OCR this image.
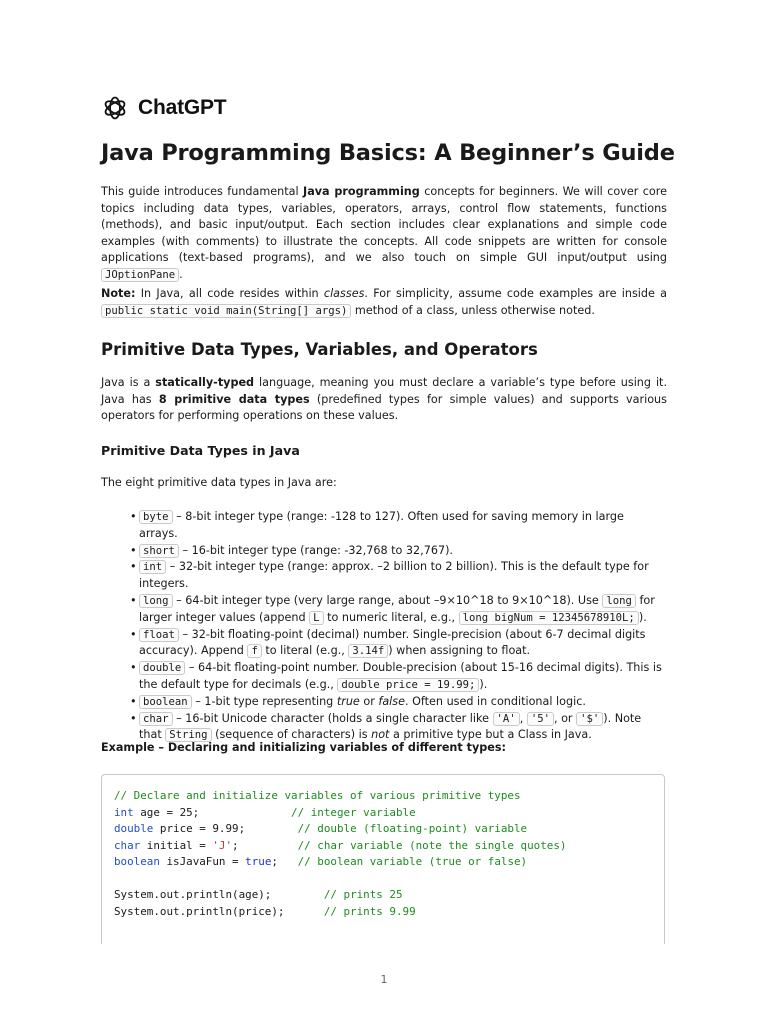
ChatGPT
Java Programming Basics: A Beginner’s Guide

This guide introduces fundamental Java programming concepts for beginners. We will cover core topics including data types, variables, operators, arrays, control flow statements, functions (methods), and basic input/output. Each section includes clear explanations and simple code examples (with comments) to illustrate the concepts. All code snippets are written for console applications (text-based programs), and we also touch on simple GUI input/output using JOptionPane .

Note: In Java, all code resides within classes. For simplicity, assume code examples are inside a public static void main(String[] args) method of a class, unless otherwise noted.

Primitive Data Types, Variables, and Operators

Java is a statically-typed language, meaning you must declare a variable’s type before using it. Java has 8 primitive data types (predefined types for simple values) and supports various operators for performing operations on these values.

Primitive Data Types in Java

The eight primitive data types in Java are:

• byte – 8-bit integer type (range: -128 to 127). Often used for saving memory in large arrays.
• short – 16-bit integer type (range: -32,768 to 32,767).
• int – 32-bit integer type (range: approx. –2 billion to 2 billion). This is the default type for integers.
• long – 64-bit integer type (very large range, about –9×10^18 to 9×10^18). Use long for larger integer values (append L to numeric literal, e.g., long bigNum = 12345678910L; ).
• float – 32-bit floating-point (decimal) number. Single-precision (about 6-7 decimal digits accuracy). Append f to literal (e.g., 3.14f ) when assigning to float.
• double – 64-bit floating-point number. Double-precision (about 15-16 decimal digits). This is the default type for decimals (e.g., double price = 19.99; ).
• boolean – 1-bit type representing true or false. Often used in conditional logic.
• char – 16-bit Unicode character (holds a single character like 'A' , '5' , or '$' ). Note that String (sequence of characters) is not a primitive type but a Class in Java.
Example – Declaring and initializing variables of different types:
// Declare and initialize variables of various primitive types
int age = 25;	// integer variable
double price = 9.99;	// double (floating-point) variable
char initial = 'J';	// char variable (note the single quotes)
boolean isJavaFun = true; // boolean variable (true or false)
System.out.println(age);	// prints 25
System.out.println(price);	// prints 9.99
1
